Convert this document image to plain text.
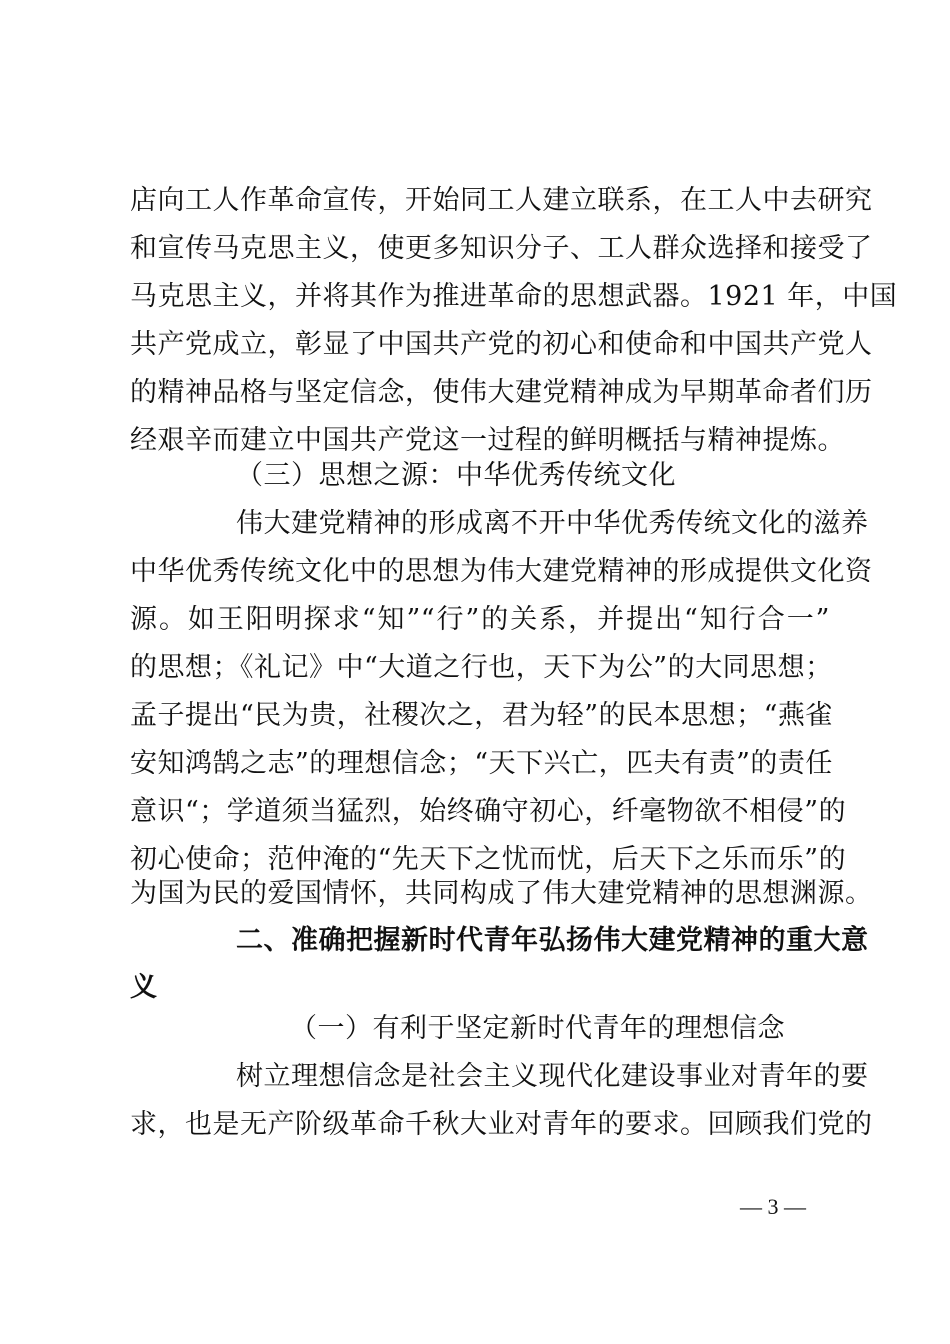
店向工人作革命宣传，开始同工人建立联系，在工人中去研究
和宣传马克思主义，使更多知识分子、工人群众选择和接受了
马克思主义，并将其作为推进革命的思想武器。1921 年，中国
共产党成立，彰显了中国共产党的初心和使命和中国共产党人
的精神品格与坚定信念，使伟大建党精神成为早期革命者们历
经艰辛而建立中国共产党这一过程的鲜明概括与精神提炼。
（三）思想之源：中华优秀传统文化
伟大建党精神的形成离不开中华优秀传统文化的滋养
中华优秀传统文化中的思想为伟大建党精神的形成提供文化资
源。如王阳明探求“知”“行”的关系，并提出“知行合一”
的思想；《礼记》中“大道之行也，天下为公”的大同思想；
孟子提出“民为贵，社稷次之，君为轻”的民本思想；“燕雀
安知鸿鹄之志”的理想信念；“天下兴亡，匹夫有责”的责任
意识“；学道须当猛烈，始终确守初心，纤毫物欲不相侵”的
初心使命；范仲淹的“先天下之忧而忧，后天下之乐而乐”的
为国为民的爱国情怀，共同构成了伟大建党精神的思想渊源。
二、准确把握新时代青年弘扬伟大建党精神的重大意
义
（一）有利于坚定新时代青年的理想信念
树立理想信念是社会主义现代化建设事业对青年的要
求，也是无产阶级革命千秋大业对青年的要求。回顾我们党的
— 3 —
